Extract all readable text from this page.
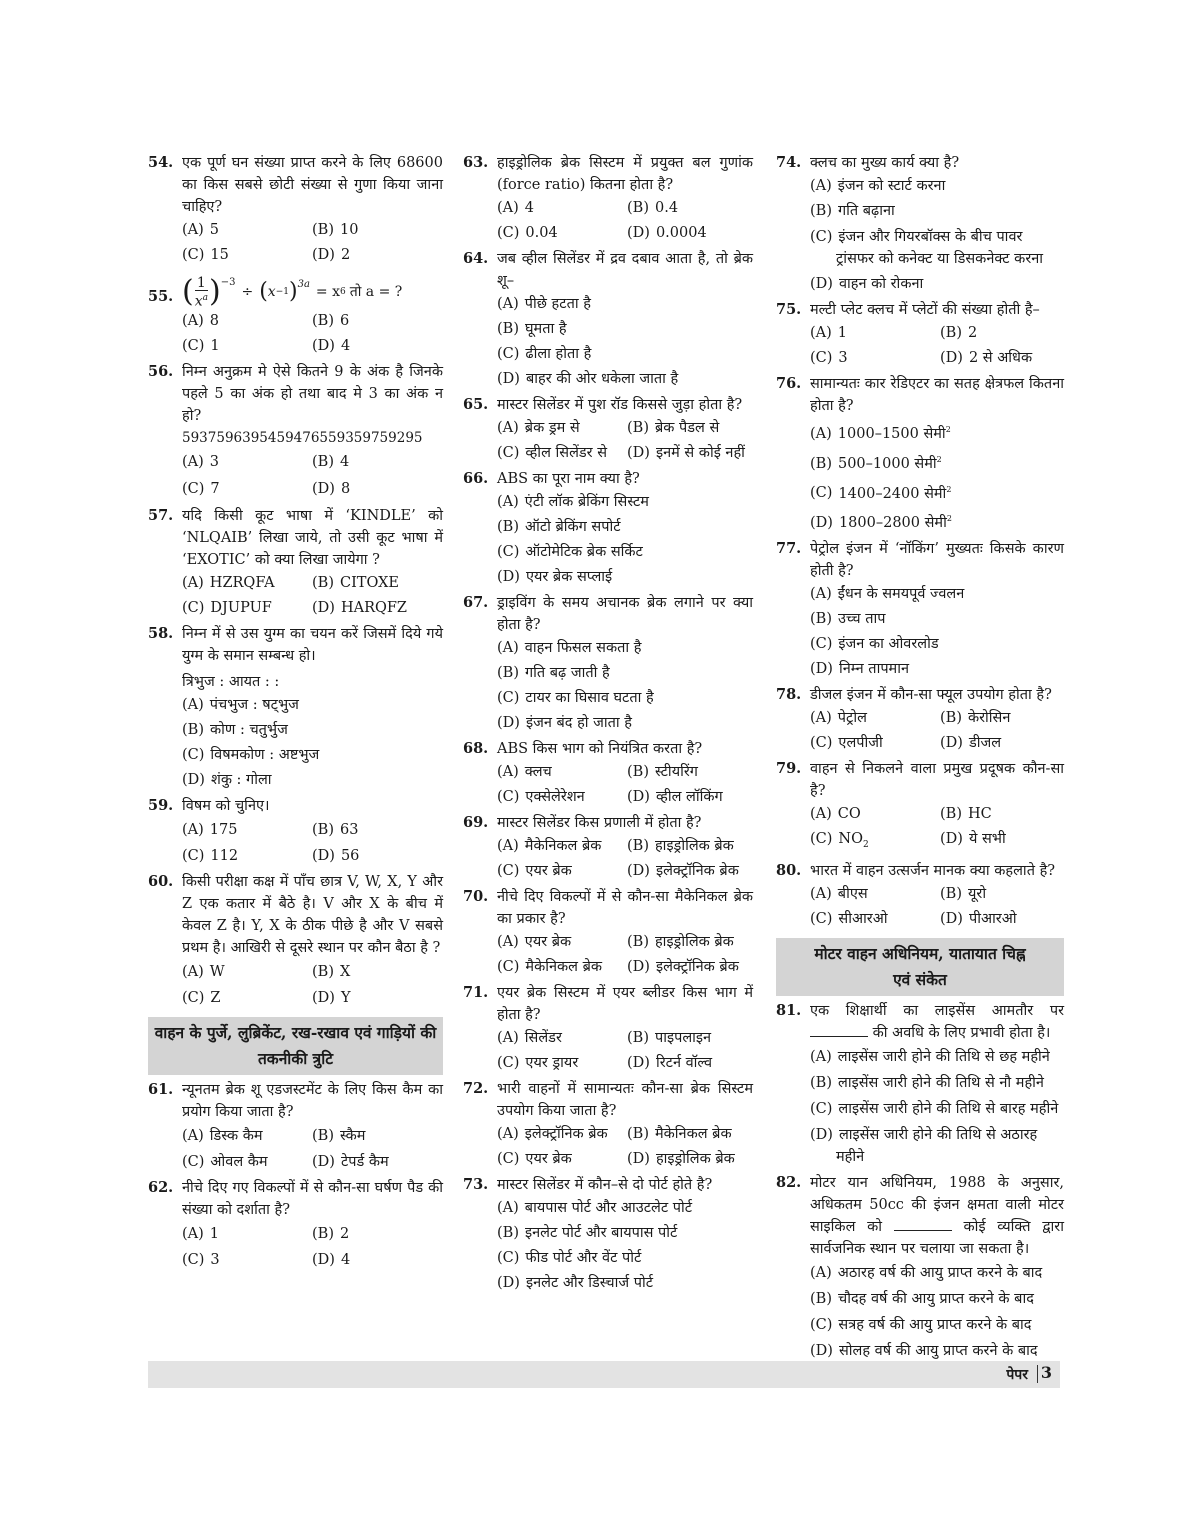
54. एक पूर्ण घन संख्या प्राप्त करने के लिए 68600 का किस सबसे छोटी संख्या से गुणा किया जाना चाहिए?
(A) 5	(B) 10
(C) 15	(D) 2
55. ( $\frac{1}{x^a} )^{-3}$
÷ ( x −1 ) $^{3a}$ = x 6 तो a = ?
(A) 8	(B) 6
(C) 1	(D) 4
56. निम्न अनुक्रम मे ऐसे कितने 9 के अंक है जिनके पहले 5 का अंक हो तथा बाद मे 3 का अंक न हो?
5937596395459476559359759295
(A) 3	(B) 4
(C) 7	(D) 8
57. यदि किसी कूट भाषा में ‘KINDLE’ को ‘NLQAIB’ लिखा जाये, तो उसी कूट भाषा में ‘EXOTIC’ को क्या लिखा जायेगा ?
(A) HZRQFA	(B) CITOXE
(C) DJUPUF	(D) HARQFZ
58. निम्न में से उस युग्म का चयन करें जिसमें दिये गये युग्म के समान सम्बन्ध हो।
त्रिभुज : आयत : :
(A) पंचभुज : षट्भुज
(B) कोण : चतुर्भुज
(C) विषमकोण : अष्टभुज
(D) शंकु : गोला
59. विषम को चुनिए।
(A) 175	(B) 63
(C) 112	(D) 56
60. किसी परीक्षा कक्ष में पाँच छात्र V, W, X, Y और Z एक कतार में बैठे है। V और X के बीच में केवल Z है। Y, X के ठीक पीछे है और V सबसे प्रथम है। आखिरी से दूसरे स्थान पर कौन बैठा है ?
(A) W	(B) X
(C) Z	(D) Y
वाहन के पुर्जे, लुब्रिकेंट, रख-रखाव एवं गाड़ियों की तकनीकी त्रुटि
61. न्यूनतम ब्रेक शू एडजस्टमेंट के लिए किस कैम का प्रयोग किया जाता है?
(A) डिस्क कैम	(B) स्कैम
(C) ओवल कैम	(D) टेपर्ड कैम
62. नीचे दिए गए विकल्पों में से कौन-सा घर्षण पैड की संख्या को दर्शाता है?
(A) 1	(B) 2
(C) 3	(D) 4
63. हाइड्रोलिक ब्रेक सिस्टम में प्रयुक्त बल गुणांक (force ratio) कितना होता है?
(A) 4	(B) 0.4
(C) 0.04	(D) 0.0004
64. जब व्हील सिलेंडर में द्रव दबाव आता है, तो ब्रेक शू–
(A) पीछे हटता है
(B) घूमता है
(C) ढीला होता है
(D) बाहर की ओर धकेला जाता है
65. मास्टर सिलेंडर में पुश रॉड किससे जुड़ा होता है?
(A) ब्रेक ड्रम से	(B) ब्रेक पैडल से
(C) व्हील सिलेंडर से	(D) इनमें से कोई नहीं
66. ABS का पूरा नाम क्या है?
(A) एंटी लॉक ब्रेकिंग सिस्टम
(B) ऑटो ब्रेकिंग सपोर्ट
(C) ऑटोमेटिक ब्रेक सर्किट
(D) एयर ब्रेक सप्लाई
67. ड्राइविंग के समय अचानक ब्रेक लगाने पर क्या होता है?
(A) वाहन फिसल सकता है
(B) गति बढ़ जाती है
(C) टायर का घिसाव घटता है
(D) इंजन बंद हो जाता है
68. ABS किस भाग को नियंत्रित करता है?
(A) क्लच	(B) स्टीयरिंग
(C) एक्सेलेरेशन	(D) व्हील लॉकिंग
69. मास्टर सिलेंडर किस प्रणाली में होता है?
(A) मैकेनिकल ब्रेक	(B) हाइड्रोलिक ब्रेक
(C) एयर ब्रेक	(D) इलेक्ट्रॉनिक ब्रेक
70. नीचे दिए विकल्पों में से कौन-सा मैकेनिकल ब्रेक का प्रकार है?
(A) एयर ब्रेक	(B) हाइड्रोलिक ब्रेक
(C) मैकेनिकल ब्रेक	(D) इलेक्ट्रॉनिक ब्रेक
71. एयर ब्रेक सिस्टम में एयर ब्लीडर किस भाग में होता है?
(A) सिलेंडर	(B) पाइपलाइन
(C) एयर ड्रायर	(D) रिटर्न वॉल्व
72. भारी वाहनों में सामान्यतः कौन-सा ब्रेक सिस्टम उपयोग किया जाता है?
(A) इलेक्ट्रॉनिक ब्रेक	(B) मैकेनिकल ब्रेक
(C) एयर ब्रेक	(D) हाइड्रोलिक ब्रेक
73. मास्टर सिलेंडर में कौन–से दो पोर्ट होते है?
(A) बायपास पोर्ट और आउटलेट पोर्ट
(B) इनलेट पोर्ट और बायपास पोर्ट
(C) फीड पोर्ट और वेंट पोर्ट
(D) इनलेट और डिस्चार्ज पोर्ट
74. क्लच का मुख्य कार्य क्या है?
(A) इंजन को स्टार्ट करना
(B) गति बढ़ाना
(C) इंजन और गियरबॉक्स के बीच पावर ट्रांसफर को कनेक्ट या डिसकनेक्ट करना
(D) वाहन को रोकना
75. मल्टी प्लेट क्लच में प्लेटों की संख्या होती है–
(A) 1	(B) 2
(C) 3	(D) 2 से अधिक
76. सामान्यतः कार रेडिएटर का सतह क्षेत्रफल कितना होता है?
(A) 1000–1500 सेमी$^2$
(B) 500–1000 सेमी$^2$
(C) 1400–2400 सेमी$^2$
(D) 1800–2800 सेमी$^2$
77. पेट्रोल इंजन में ‘नॉकिंग’ मुख्यतः किसके कारण होती है?
(A) ईंधन के समयपूर्व ज्वलन
(B) उच्च ताप
(C) इंजन का ओवरलोड
(D) निम्न तापमान
78. डीजल इंजन में कौन-सा फ्यूल उपयोग होता है?
(A) पेट्रोल	(B) केरोसिन
(C) एलपीजी	(D) डीजल
79. वाहन से निकलने वाला प्रमुख प्रदूषक कौन-सा है?
(A) CO	(B) HC
(C) $NO_2$	(D) ये सभी
80. भारत में वाहन उत्सर्जन मानक क्या कहलाते है?
(A) बीएस	(B) यूरो
(C) सीआरओ	(D) पीआरओ
मोटर वाहन अधिनियम, यातायात चिह्न एवं संकेत
81. एक शिक्षार्थी का लाइसेंस आमतौर पर  की अवधि के लिए प्रभावी होता है।
(A) लाइसेंस जारी होने की तिथि से छह महीने
(B) लाइसेंस जारी होने की तिथि से नौ महीने
(C) लाइसेंस जारी होने की तिथि से बारह महीने
(D) लाइसेंस जारी होने की तिथि से अठारह महीने
82. मोटर यान अधिनियम, 1988 के अनुसार, अधिकतम 50cc की इंजन क्षमता वाली मोटर साइकिल को	कोई व्यक्ति द्वारा सार्वजनिक स्थान पर चलाया जा सकता है।
(A) अठारह वर्ष की आयु प्राप्त करने के बाद
(B) चौदह वर्ष की आयु प्राप्त करने के बाद
(C) सत्रह वर्ष की आयु प्राप्त करने के बाद
(D) सोलह वर्ष की आयु प्राप्त करने के बाद
पेपर 3
